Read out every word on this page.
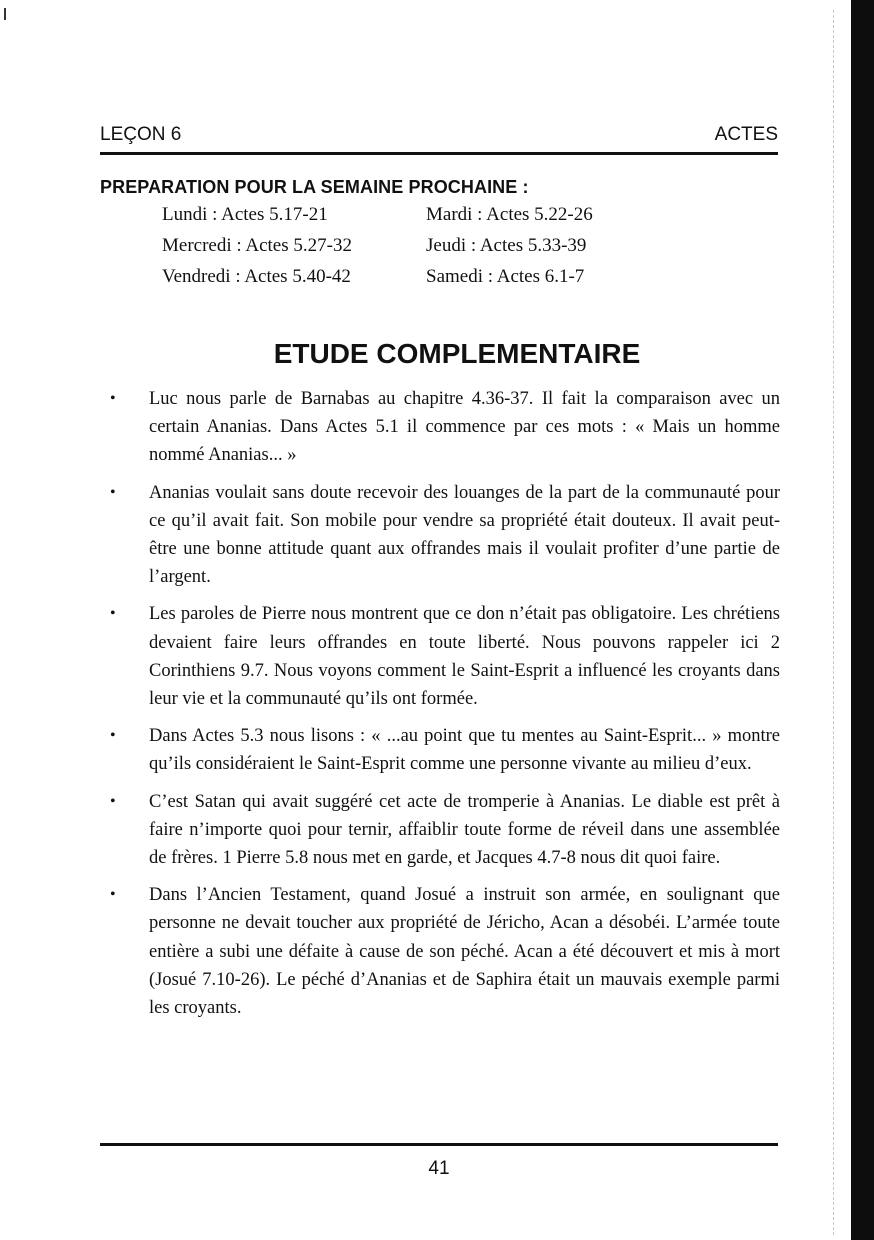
LEÇON 6	ACTES
PREPARATION POUR LA SEMAINE PROCHAINE :
Lundi : Actes 5.17-21	Mardi : Actes 5.22-26
Mercredi : Actes 5.27-32	Jeudi : Actes 5.33-39
Vendredi : Actes 5.40-42	Samedi : Actes 6.1-7
ETUDE COMPLEMENTAIRE
• Luc nous parle de Barnabas au chapitre 4.36-37. Il fait la comparaison avec un certain Ananias. Dans Actes 5.1 il commence par ces mots : « Mais un homme nommé Ananias... »
• Ananias voulait sans doute recevoir des louanges de la part de la communauté pour ce qu’il avait fait. Son mobile pour vendre sa propriété était douteux. Il avait peut-être une bonne attitude quant aux offrandes mais il voulait profiter d’une partie de l’argent.
• Les paroles de Pierre nous montrent que ce don n’était pas obligatoire. Les chrétiens devaient faire leurs offrandes en toute liberté. Nous pouvons rappeler ici 2 Corinthiens 9.7. Nous voyons comment le Saint-Esprit a influencé les croyants dans leur vie et la communauté qu’ils ont formée.
• Dans Actes 5.3 nous lisons : « ...au point que tu mentes au Saint-Esprit... » montre qu’ils considéraient le Saint-Esprit comme une personne vivante au milieu d’eux.
• C’est Satan qui avait suggéré cet acte de tromperie à Ananias. Le diable est prêt à faire n’importe quoi pour ternir, affaiblir toute forme de réveil dans une assemblée de frères. 1 Pierre 5.8 nous met en garde, et Jacques 4.7-8 nous dit quoi faire.
• Dans l’Ancien Testament, quand Josué a instruit son armée, en soulignant que personne ne devait toucher aux propriété de Jéricho, Acan a désobéi. L’armée toute entière a subi une défaite à cause de son péché. Acan a été découvert et mis à mort (Josué 7.10-26). Le péché d’Ananias et de Saphira était un mauvais exemple parmi les croyants.
41
